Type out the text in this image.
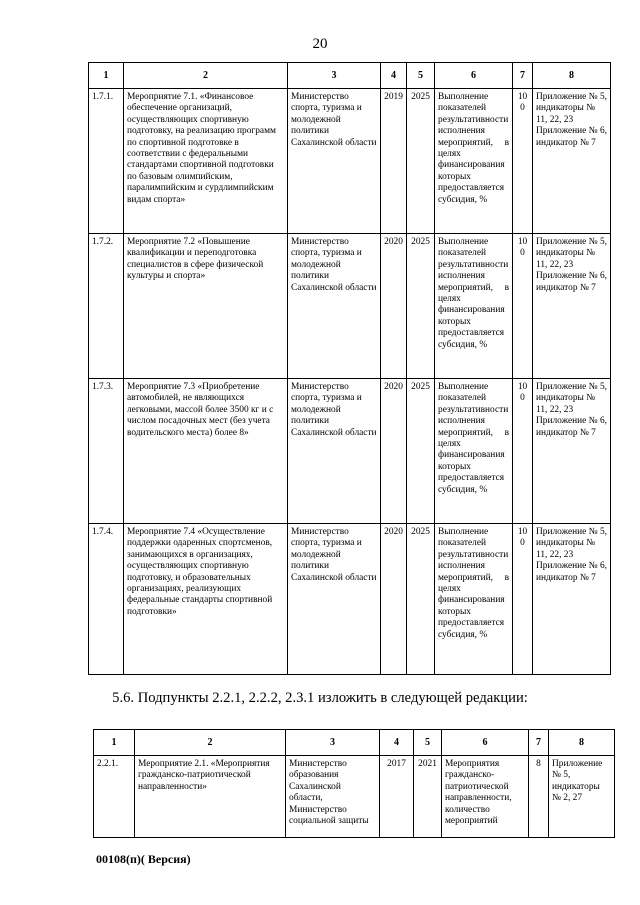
20
1	2	3	4	5	6	7	8
1.7.1.	Мероприятие 7.1. «Финансовое обеспечение организаций, осуществляющих спортивную подготовку, на реализацию программ по спортивной подготовке в соответствии с федеральными стандартами спортивной подготовки по базовым олимпийским, паралимпийским и сурдлимпийским видам спорта»	Министерство спорта, туризма и молодежной политики Сахалинской области	2019	2025	Выполнение показателей результативности исполнения мероприятий, в целях финансирования которых предоставляется субсидия, %	100	Приложение № 5, индикаторы № 11, 22, 23 Приложение № 6, индикатор № 7
1.7.2.	Мероприятие 7.2 «Повышение квалификации и переподготовка специалистов в сфере физической культуры и спорта»	Министерство спорта, туризма и молодежной политики Сахалинской области	2020	2025	Выполнение показателей результативности исполнения мероприятий, в целях финансирования которых предоставляется субсидия, %	100	Приложение № 5, индикаторы № 11, 22, 23 Приложение № 6, индикатор № 7
1.7.3.	Мероприятие 7.3 «Приобретение автомобилей, не являющихся легковыми, массой более 3500 кг и с числом посадочных мест (без учета водительского места) более 8»	Министерство спорта, туризма и молодежной политики Сахалинской области	2020	2025	Выполнение показателей результативности исполнения мероприятий, в целях финансирования которых предоставляется субсидия, %	100	Приложение № 5, индикаторы № 11, 22, 23 Приложение № 6, индикатор № 7
1.7.4.	Мероприятие 7.4 «Осуществление поддержки одаренных спортсменов, занимающихся в организациях, осуществляющих спортивную подготовку, и образовательных организациях, реализующих федеральные стандарты спортивной подготовки»	Министерство спорта, туризма и молодежной политики Сахалинской области	2020	2025	Выполнение показателей результативности исполнения мероприятий, в целях финансирования которых предоставляется субсидия, %	100	Приложение № 5, индикаторы № 11, 22, 23 Приложение № 6, индикатор № 7
5.6. Подпункты 2.2.1, 2.2.2, 2.3.1 изложить в следующей редакции:
1	2	3	4	5	6	7	8
2.2.1.	Мероприятие 2.1. «Мероприятия гражданско-патриотической направленности»	Министерство образования Сахалинской области, Министерство социальной защиты	2017	2021	Мероприятия гражданско-патриотической направленности, количество мероприятий	8	Приложение № 5, индикаторы № 2, 27
00108(п)( Версия)
